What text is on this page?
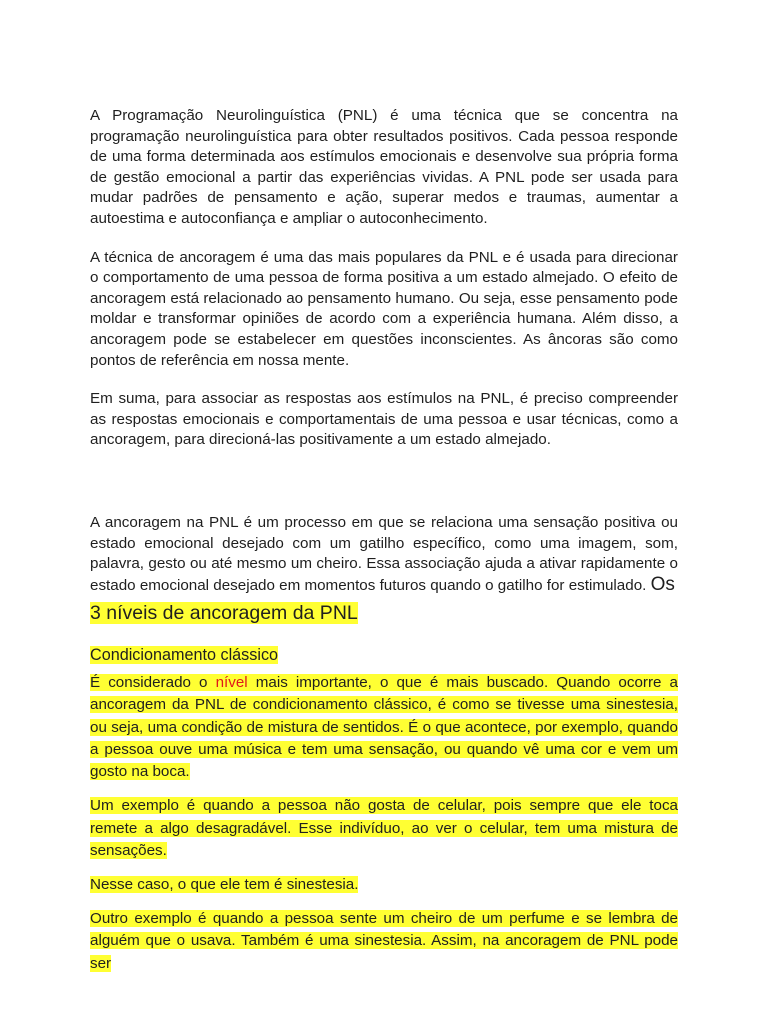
A Programação Neurolinguística (PNL) é uma técnica que se concentra na programação neurolinguística para obter resultados positivos. Cada pessoa responde de uma forma determinada aos estímulos emocionais e desenvolve sua própria forma de gestão emocional a partir das experiências vividas. A PNL pode ser usada para mudar padrões de pensamento e ação, superar medos e traumas, aumentar a autoestima e autoconfiança e ampliar o autoconhecimento.

A técnica de ancoragem é uma das mais populares da PNL e é usada para direcionar o comportamento de uma pessoa de forma positiva a um estado almejado. O efeito de ancoragem está relacionado ao pensamento humano. Ou seja, esse pensamento pode moldar e transformar opiniões de acordo com a experiência humana. Além disso, a ancoragem pode se estabelecer em questões inconscientes. As âncoras são como pontos de referência em nossa mente.

Em suma, para associar as respostas aos estímulos na PNL, é preciso compreender as respostas emocionais e comportamentais de uma pessoa e usar técnicas, como a ancoragem, para direcioná-las positivamente a um estado almejado.

A ancoragem na PNL é um processo em que se relaciona uma sensação positiva ou estado emocional desejado com um gatilho específico, como uma imagem, som, palavra, gesto ou até mesmo um cheiro. Essa associação ajuda a ativar rapidamente o estado emocional desejado em momentos futuros quando o gatilho for estimulado. Os

3 níveis de ancoragem da PNL
Condicionamento clássico

É considerado o nível mais importante, o que é mais buscado. Quando ocorre a ancoragem da PNL de condicionamento clássico, é como se tivesse uma sinestesia, ou seja, uma condição de mistura de sentidos. É o que acontece, por exemplo, quando a pessoa ouve uma música e tem uma sensação, ou quando vê uma cor e vem um gosto na boca.

Um exemplo é quando a pessoa não gosta de celular, pois sempre que ele toca remete a algo desagradável. Esse indivíduo, ao ver o celular, tem uma mistura de sensações.

Nesse caso, o que ele tem é sinestesia.

Outro exemplo é quando a pessoa sente um cheiro de um perfume e se lembra de alguém que o usava. Também é uma sinestesia. Assim, na ancoragem de PNL pode ser
